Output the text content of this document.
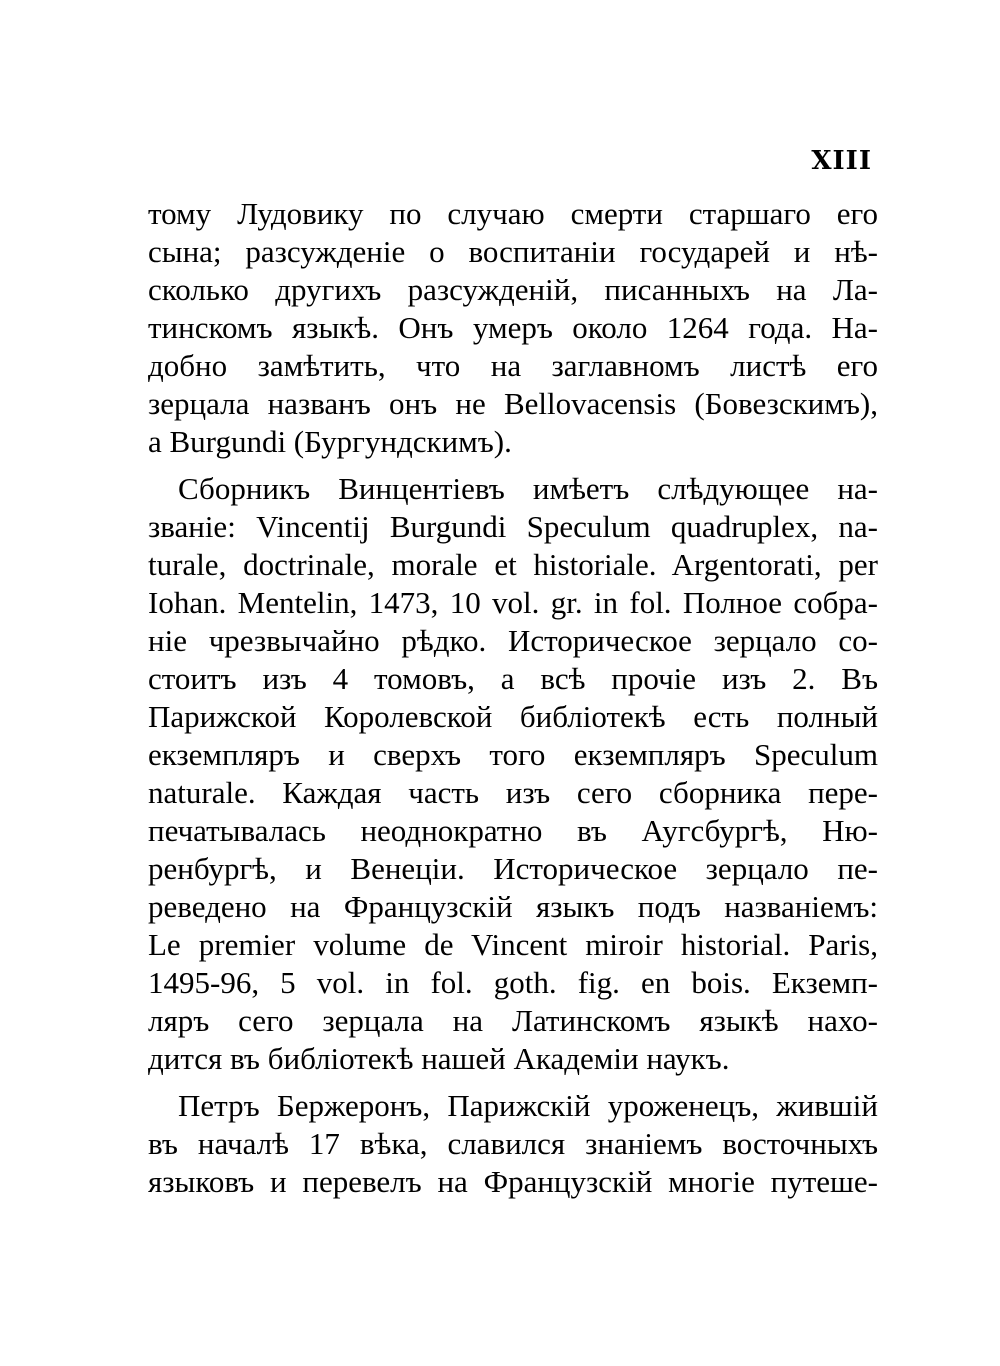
XIII
тому Лудовику по случаю смерти старшаго его
сына; разсужденіе о воспитаніи государей и нѣ-
сколько другихъ разсужденій, писанныхъ на Ла-
тинскомъ языкѣ. Онъ умеръ около 1264 года. На-
добно замѣтить, что на заглавномъ листѣ его
зерцала названъ онъ не Bellovacensis (Бовезскимъ),
а Burgundi (Бургундскимъ).
Сборникъ Винцентіевъ имѣетъ слѣдующее на-
званіе: Vincentij Burgundi Speculum quadruplex, na-
turale, doctrinale, morale et historiale. Argentorati, per
Iohan. Mentelin, 1473, 10 vol. gr. in fol. Полное собра-
ніе чрезвычайно рѣдко. Историческое зерцало со-
стоитъ изъ 4 томовъ, а всѣ прочіе изъ 2. Въ
Парижской Королевской библіотекѣ есть полный
екземпляръ и сверхъ того екземпляръ Speculum
naturale. Каждая часть изъ сего сборника пере-
печатывалась неоднократно въ Аугсбургѣ, Ню-
ренбургѣ, и Венеціи. Историческое зерцало пе-
реведено на Французскій языкъ подъ названіемъ:
Le premier volume de Vincent miroir historial. Paris,
1495-96, 5 vol. in fol. goth. fig. en bois. Екземп-
ляръ сего зерцала на Латинскомъ языкѣ нахо-
дится въ библіотекѣ нашей Академіи наукъ.
Петръ Бержеронъ, Парижскій уроженецъ, жившій
въ началѣ 17 вѣка, славился знаніемъ восточныхъ
языковъ и перевелъ на Французскій многіе путеше-
